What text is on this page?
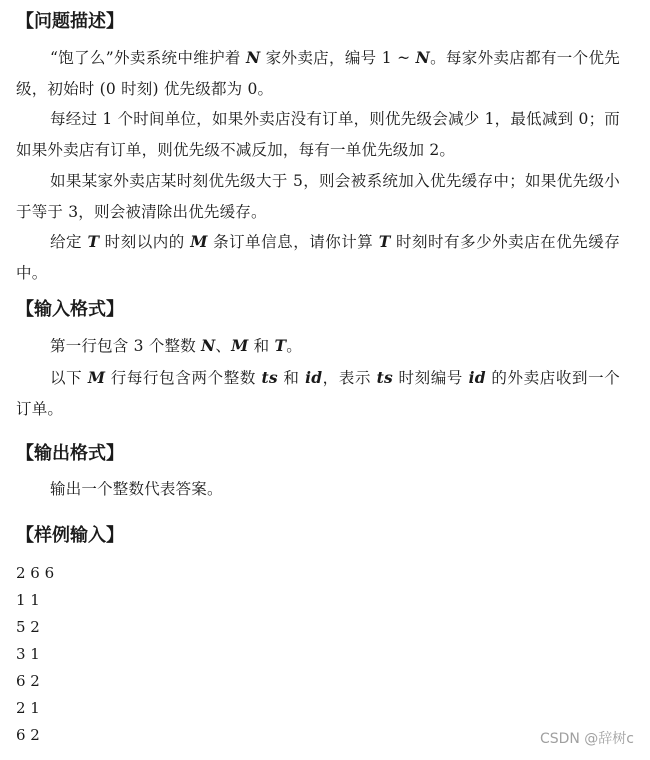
【问题描述】
“饱了么”外卖系统中维护着 N 家外卖店，编号 1 ~ N。每家外卖店都有一个优先级，初始时 (0 时刻) 优先级都为 0。
每经过 1 个时间单位，如果外卖店没有订单，则优先级会减少 1，最低减到 0；而如果外卖店有订单，则优先级不减反加，每有一单优先级加 2。
如果某家外卖店某时刻优先级大于 5，则会被系统加入优先缓存中；如果优先级小于等于 3，则会被清除出优先缓存。
给定 T 时刻以内的 M 条订单信息，请你计算 T 时刻时有多少外卖店在优先缓存中。
【输入格式】
第一行包含 3 个整数 N、M 和 T。
以下 M 行每行包含两个整数 ts 和 id，表示 ts 时刻编号 id 的外卖店收到一个订单。
【输出格式】
输出一个整数代表答案。
【样例输入】
2 6 6
1 1
5 2
3 1
6 2
2 1
6 2	CSDN @辞树c
